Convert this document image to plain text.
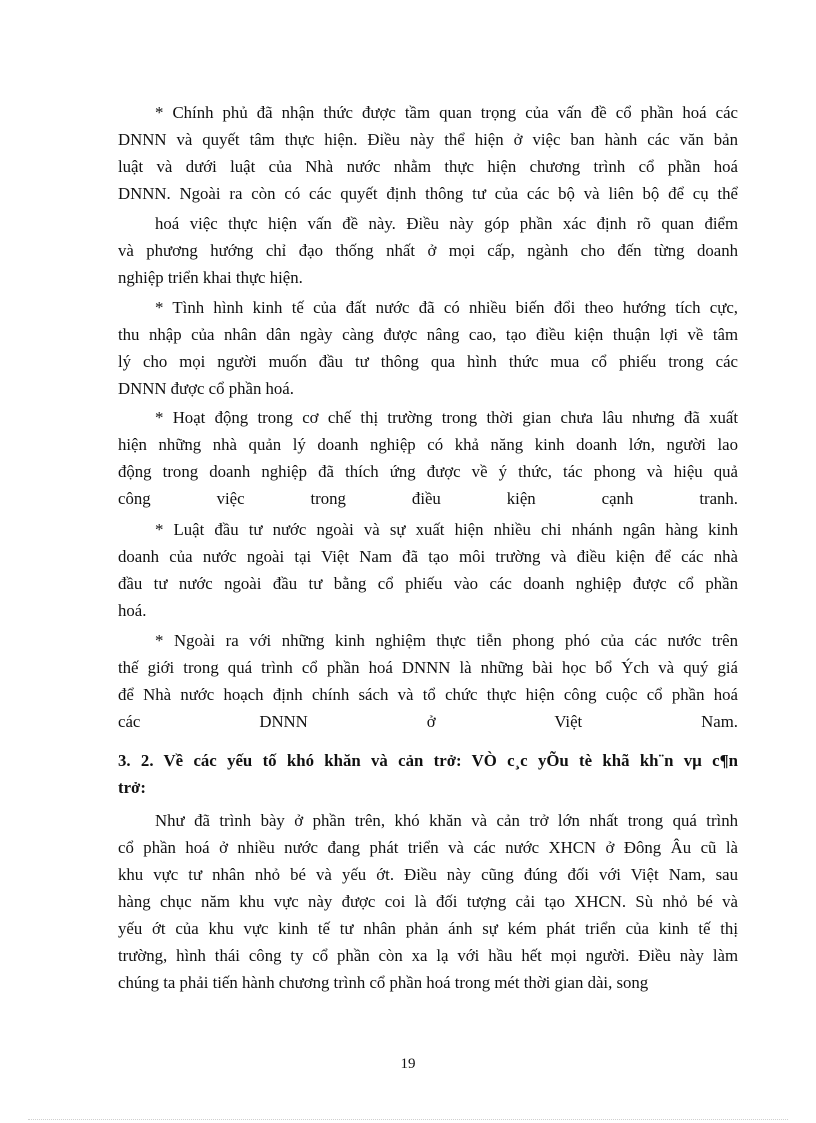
* Chính phủ đã nhận thức được tầm quan trọng của vấn đề cổ phần hoá các
DNNN và quyết tâm thực hiện. Điều này thể hiện ở việc ban hành các văn bản
luật và dưới luật của Nhà nước nhằm thực hiện chương trình cổ phần hoá
DNNN. Ngoài ra còn có các quyết định thông tư của các bộ và liên bộ để cụ thể
hoá việc thực hiện vấn đề này. Điều này góp phần xác định rõ quan điểm
và phương hướng chỉ đạo thống nhất ở mọi cấp, ngành cho đến từng doanh
nghiệp triển khai thực hiện.
* Tình hình kinh tế của đất nước đã có nhiều biến đổi theo hướng tích cực,
thu nhập của nhân dân ngày càng được nâng cao, tạo điều kiện thuận lợi về tâm
lý cho mọi người muốn đầu tư thông qua hình thức mua cổ phiếu trong các
DNNN được cổ phần hoá.
* Hoạt động trong cơ chế thị trường trong thời gian chưa lâu nhưng đã xuất
hiện những nhà quản lý doanh nghiệp có khả năng kinh doanh lớn, người lao
động trong doanh nghiệp đã thích ứng được về ý thức, tác phong và hiệu quả
công việc trong điều kiện cạnh tranh.
* Luật đầu tư nước ngoài và sự xuất hiện nhiều chi nhánh ngân hàng kinh
doanh của nước ngoài tại Việt Nam đã tạo môi trường và điều kiện để các nhà
đầu tư nước ngoài đầu tư bằng cổ phiếu vào các doanh nghiệp được cổ phần
hoá.
* Ngoài ra với những kinh nghiệm thực tiễn phong phó của các nước trên
thế giới trong quá trình cổ phần hoá DNNN là những bài học bổ Ých và quý giá
để Nhà nước hoạch định chính sách và tổ chức thực hiện công cuộc cổ phần hoá
các DNNN ở Việt Nam.
3. 2. Về các yếu tố khó khăn và cản trở: VÒ c¸c yÕu tè khã kh¨n vµ c¶n
trở:
Như đã trình bày ở phần trên, khó khăn và cản trở lớn nhất trong quá trình
cổ phần hoá ở nhiều nước đang phát triển và các nước XHCN ở Đông Âu cũ là
khu vực tư nhân nhỏ bé và yếu ớt. Điều này cũng đúng đối với Việt Nam, sau
hàng chục năm khu vực này được coi là đối tượng cải tạo XHCN. Sù nhỏ bé và
yếu ớt của khu vực kinh tế tư nhân phản ánh sự kém phát triển của kinh tế thị
trường, hình thái công ty cổ phần còn xa lạ với hầu hết mọi người. Điều này làm
chúng ta phải tiến hành chương trình cổ phần hoá trong mét thời gian dài, song
19
